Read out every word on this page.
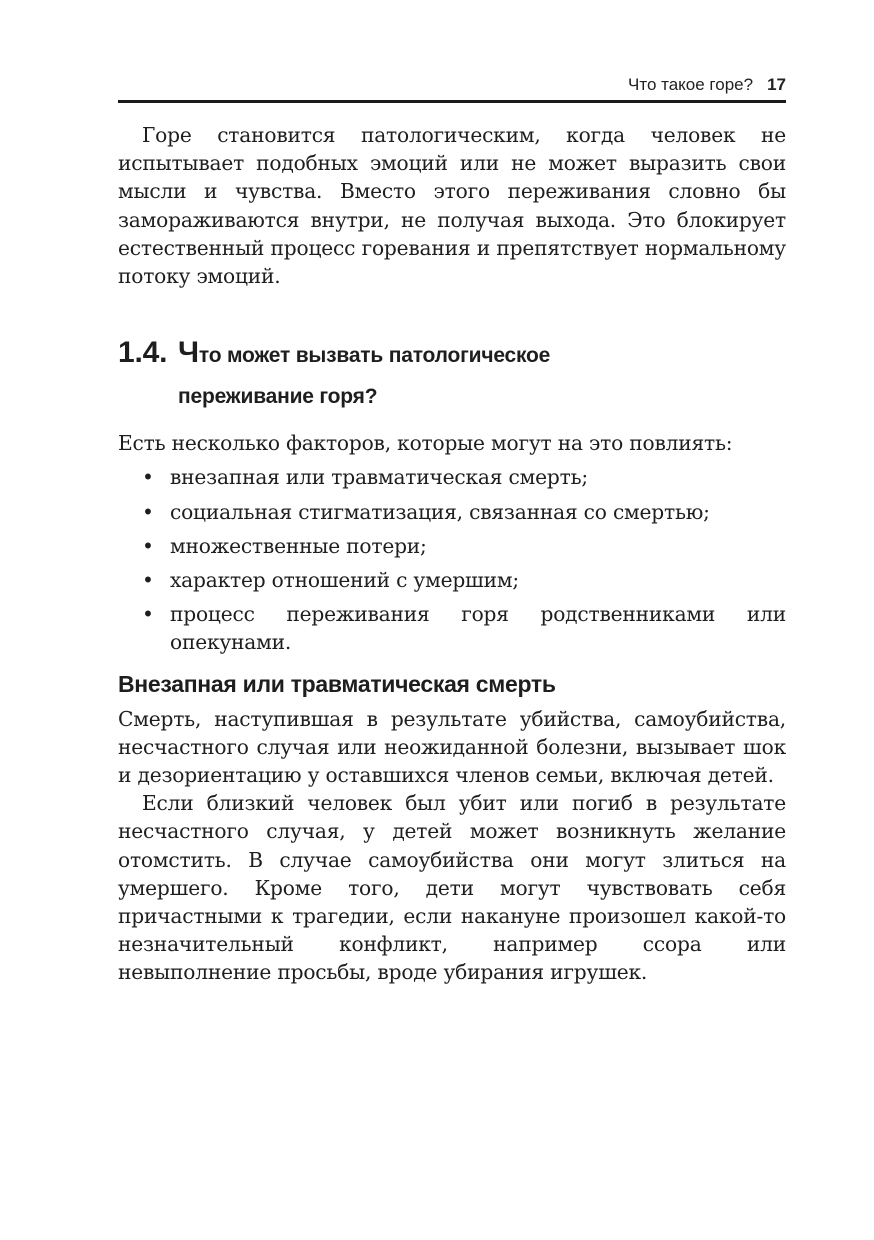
Что такое горе? 17

Горе становится патологическим, когда человек не испытывает подобных эмоций или не может выразить свои мысли и чувства. Вместо этого переживания словно бы замораживаются внутри, не получая выхода. Это блокирует естественный процесс горевания и препятствует нормальному потоку эмоций.

1.4. Что может вызвать патологическое
переживание горя?

Есть несколько факторов, которые могут на это повлиять:

• внезапная или травматическая смерть;
• социальная стигматизация, связанная со смертью;
• множественные потери;
• характер отношений с умершим;
• процесс переживания горя родственниками или опекунами.
Внезапная или травматическая смерть

Смерть, наступившая в результате убийства, самоубийства, несчастного случая или неожиданной болезни, вызывает шок и дезориентацию у оставшихся членов семьи, включая детей.

Если близкий человек был убит или погиб в результате несчастного случая, у детей может возникнуть желание отомстить. В случае самоубийства они могут злиться на умершего. Кроме того, дети могут чувствовать себя причастными к трагедии, если накануне произошел какой-то незначительный конфликт, например ссора или невыполнение просьбы, вроде убирания игрушек.
